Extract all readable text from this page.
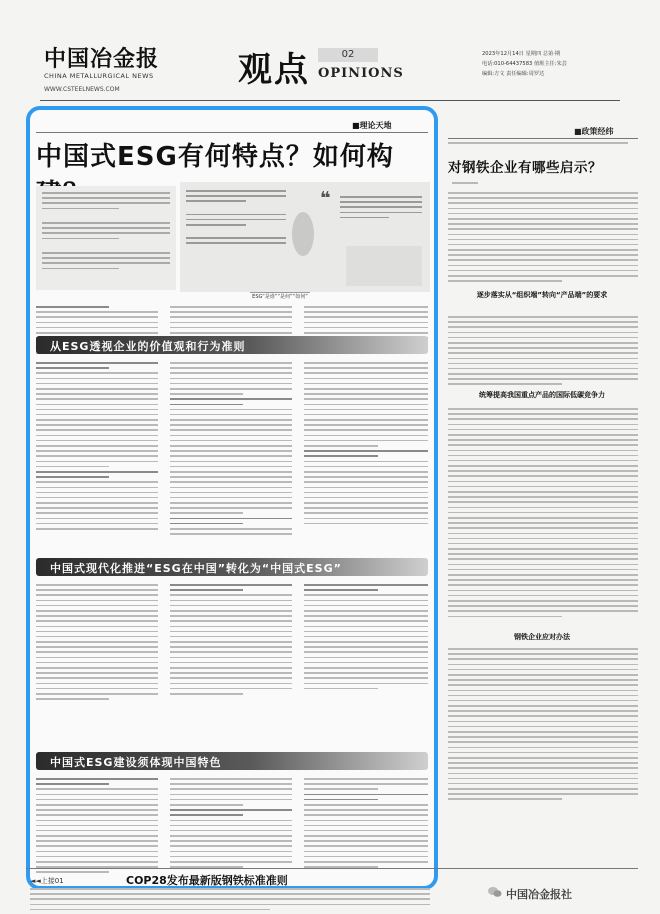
中国冶金报
CHINA METALLURGICAL NEWS
WWW.CSTEELNEWS.COM	观点	02
OPINIONS
2023年12月14日 星期四 总第·期
电话:010-64437583 值班主任:朱芸
编辑:方文 责任编辑:周罗达
■理论天地
中国式ESG有何特点？如何构
❝
ESG“是谁”“是何”“如何”
从ESG透视企业的价值观和行为准则
中国式现代化推进“ESG在中国”转化为“中国式ESG”
中国式ESG建设须体现中国特色
■政策经纬
对钢铁企业有哪些启示？
逐步落实从“组织端”转向“产品端”的要求
统筹提高我国重点产品的国际低碳竞争力
钢铁企业应对办法
◄◄上接01	COP28发布最新版钢铁标准准则
中国冶金报社
